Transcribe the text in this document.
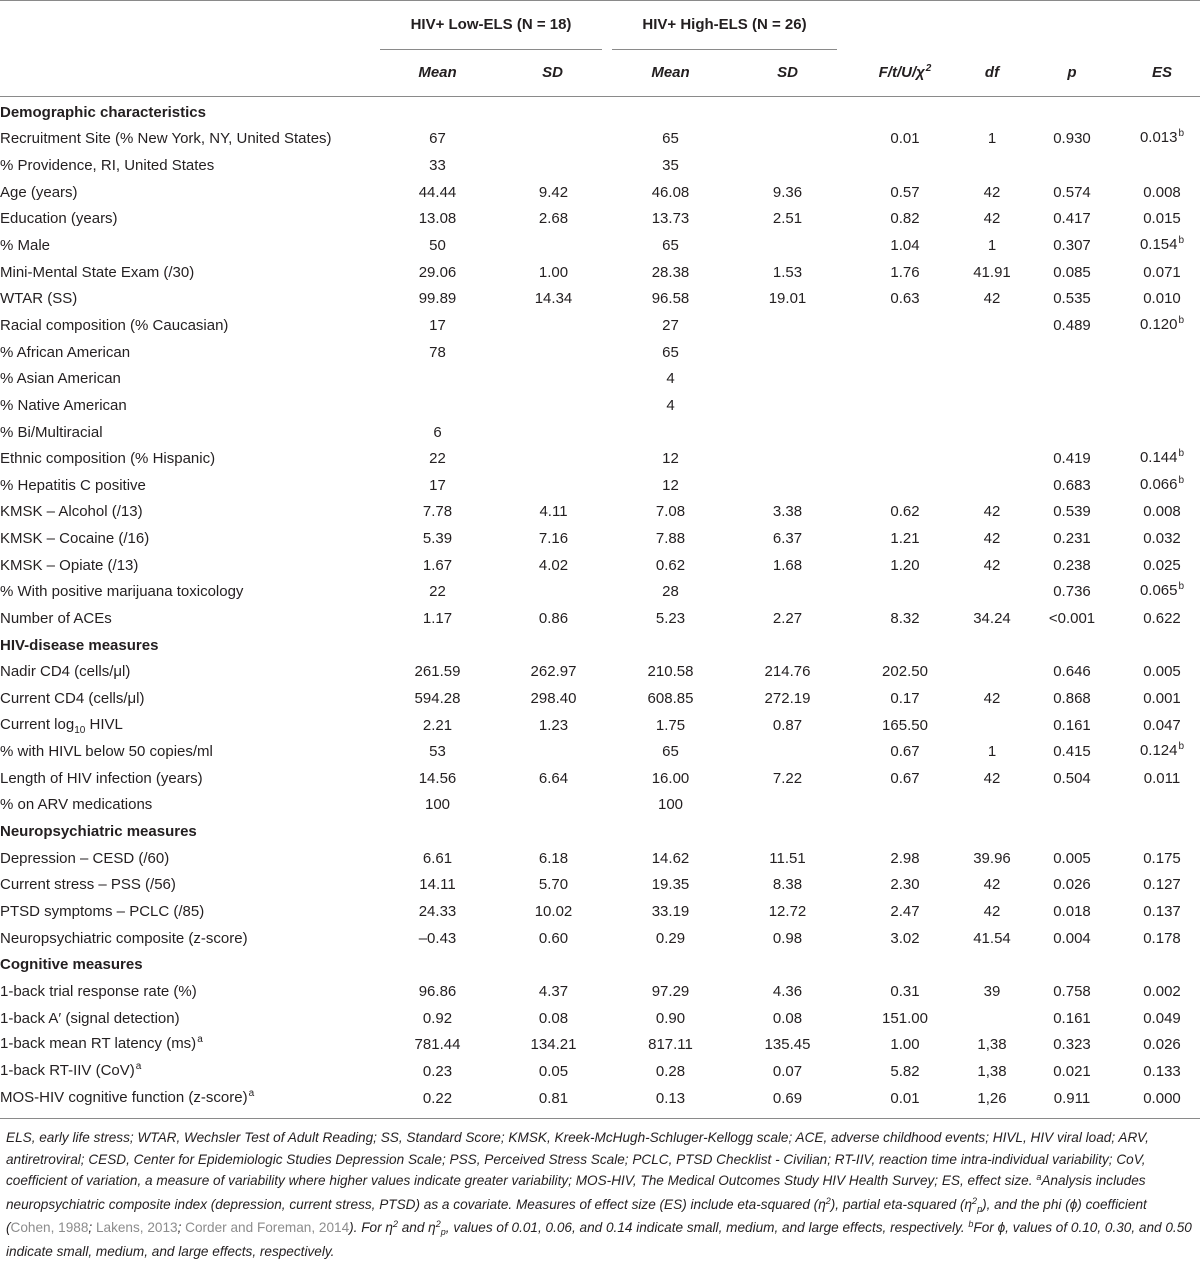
HIV+ Low-ELS (N = 18)	HIV+ High-ELS (N = 26)
Mean	SD	Mean	SD	$F/t/U/\chi^2$	df	p	ES
Demographic characteristics								
Recruitment Site (% New York, NY, United States)	67		65		0.01	1	0.930	0.013$^b$
% Providence, RI, United States	33		35					
Age (years)	44.44	9.42	46.08	9.36	0.57	42	0.574	0.008
Education (years)	13.08	2.68	13.73	2.51	0.82	42	0.417	0.015
% Male	50		65		1.04	1	0.307	0.154$^b$
Mini-Mental State Exam (/30)	29.06	1.00	28.38	1.53	1.76	41.91	0.085	0.071
WTAR (SS)	99.89	14.34	96.58	19.01	0.63	42	0.535	0.010
Racial composition (% Caucasian)	17		27				0.489	0.120$^b$
% African American	78		65					
% Asian American			4					
% Native American			4					
% Bi/Multiracial	6							
Ethnic composition (% Hispanic)	22		12				0.419	0.144$^b$
% Hepatitis C positive	17		12				0.683	0.066$^b$
KMSK – Alcohol (/13)	7.78	4.11	7.08	3.38	0.62	42	0.539	0.008
KMSK – Cocaine (/16)	5.39	7.16	7.88	6.37	1.21	42	0.231	0.032
KMSK – Opiate (/13)	1.67	4.02	0.62	1.68	1.20	42	0.238	0.025
% With positive marijuana toxicology	22		28				0.736	0.065$^b$
Number of ACEs	1.17	0.86	5.23	2.27	8.32	34.24	<0.001	0.622
HIV-disease measures								
Nadir CD4 (cells/μl)	261.59	262.97	210.58	214.76	202.50		0.646	0.005
Current CD4 (cells/μl)	594.28	298.40	608.85	272.19	0.17	42	0.868	0.001
Current $\log_{10}$ HIVL	2.21	1.23	1.75	0.87	165.50		0.161	0.047
% with HIVL below 50 copies/ml	53		65		0.67	1	0.415	0.124$^b$
Length of HIV infection (years)	14.56	6.64	16.00	7.22	0.67	42	0.504	0.011
% on ARV medications	100		100					
Neuropsychiatric measures								
Depression – CESD (/60)	6.61	6.18	14.62	11.51	2.98	39.96	0.005	0.175
Current stress – PSS (/56)	14.11	5.70	19.35	8.38	2.30	42	0.026	0.127
PTSD symptoms – PCLC (/85)	24.33	10.02	33.19	12.72	2.47	42	0.018	0.137
Neuropsychiatric composite (z-score)	–0.43	0.60	0.29	0.98	3.02	41.54	0.004	0.178
Cognitive measures								
1-back trial response rate (%)	96.86	4.37	97.29	4.36	0.31	39	0.758	0.002
1-back A′ (signal detection)	0.92	0.08	0.90	0.08	151.00		0.161	0.049
1-back mean RT latency (ms)$^a$	781.44	134.21	817.11	135.45	1.00	1,38	0.323	0.026
1-back RT-IIV (CoV)$^a$	0.23	0.05	0.28	0.07	5.82	1,38	0.021	0.133
MOS-HIV cognitive function (z-score)$^a$	0.22	0.81	0.13	0.69	0.01	1,26	0.911	0.000
ELS, early life stress; WTAR, Wechsler Test of Adult Reading; SS, Standard Score; KMSK, Kreek-McHugh-Schluger-Kellogg scale; ACE, adverse childhood events; HIVL, HIV viral load; ARV, antiretroviral; CESD, Center for Epidemiologic Studies Depression Scale; PSS, Perceived Stress Scale; PCLC, PTSD Checklist - Civilian; RT-IIV, reaction time intra-individual variability; CoV, coefficient of variation, a measure of variability where higher values indicate greater variability; MOS-HIV, The Medical Outcomes Study HIV Health Survey; ES, effect size. $^a$Analysis includes neuropsychiatric composite index (depression, current stress, PTSD) as a covariate. Measures of effect size (ES) include eta-squared $(\eta^2)$, partial eta-squared $(\eta^2_p)$, and the phi (ϕ) coefficient (Cohen, 1988; Lakens, 2013; Corder and Foreman, 2014). For $\eta^2$ and $\eta^2_p$, values of 0.01, 0.06, and 0.14 indicate small, medium, and large effects, respectively. $^b$For ϕ, values of 0.10, 0.30, and 0.50 indicate small, medium, and large effects, respectively.
